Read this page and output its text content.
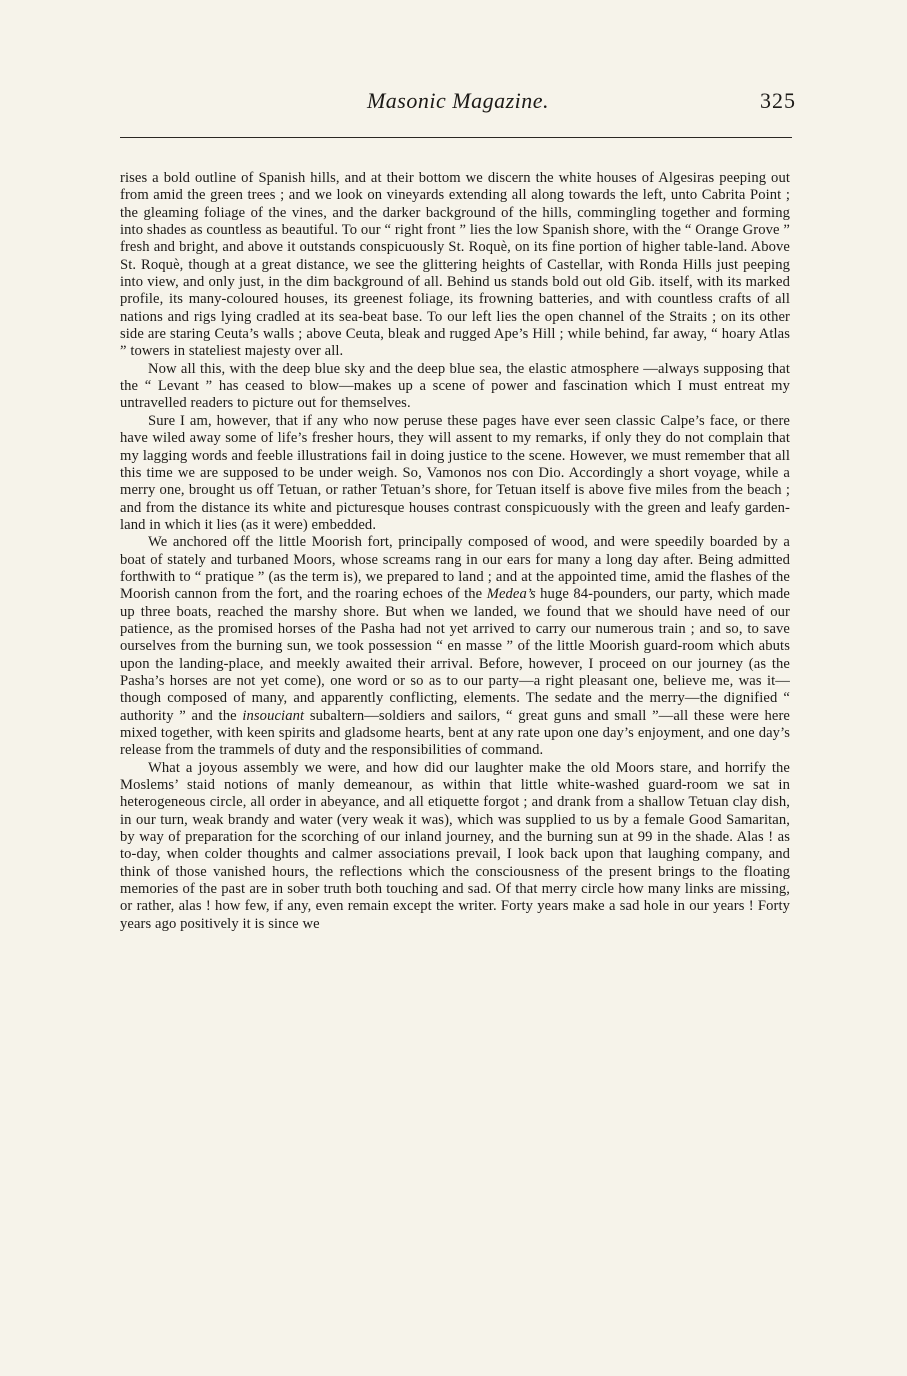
Masonic Magazine.	325

rises a bold outline of Spanish hills, and at their bottom we discern the white houses of Algesiras peeping out from amid the green trees ; and we look on vineyards extending all along towards the left, unto Cabrita Point ; the gleaming foliage of the vines, and the darker background of the hills, commingling together and forming into shades as countless as beautiful. To our “ right front ” lies the low Spanish shore, with the “ Orange Grove ” fresh and bright, and above it outstands conspicuously St. Roquè, on its fine portion of higher table-land. Above St. Roquè, though at a great distance, we see the glittering heights of Castellar, with Ronda Hills just peeping into view, and only just, in the dim background of all. Behind us stands bold out old Gib. itself, with its marked profile, its many-coloured houses, its greenest foliage, its frowning batteries, and with countless crafts of all nations and rigs lying cradled at its sea-beat base. To our left lies the open channel of the Straits ; on its other side are staring Ceuta’s walls ; above Ceuta, bleak and rugged Ape’s Hill ; while behind, far away, “ hoary Atlas ” towers in stateliest majesty over all.

Now all this, with the deep blue sky and the deep blue sea, the elastic atmosphere —always supposing that the “ Levant ” has ceased to blow—makes up a scene of power and fascination which I must entreat my untravelled readers to picture out for themselves.

Sure I am, however, that if any who now peruse these pages have ever seen classic Calpe’s face, or there have wiled away some of life’s fresher hours, they will assent to my remarks, if only they do not complain that my lagging words and feeble illustrations fail in doing justice to the scene. However, we must remember that all this time we are supposed to be under weigh. So, Vamonos nos con Dio. Accordingly a short voyage, while a merry one, brought us off Tetuan, or rather Tetuan’s shore, for Tetuan itself is above five miles from the beach ; and from the distance its white and picturesque houses contrast conspicuously with the green and leafy garden-land in which it lies (as it were) embedded.

We anchored off the little Moorish fort, principally composed of wood, and were speedily boarded by a boat of stately and turbaned Moors, whose screams rang in our ears for many a long day after. Being admitted forthwith to “ pratique ” (as the term is), we prepared to land ; and at the appointed time, amid the flashes of the Moorish cannon from the fort, and the roaring echoes of the Medea’s huge 84-pounders, our party, which made up three boats, reached the marshy shore. But when we landed, we found that we should have need of our patience, as the promised horses of the Pasha had not yet arrived to carry our numerous train ; and so, to save ourselves from the burning sun, we took possession “ en masse ” of the little Moorish guard-room which abuts upon the landing-place, and meekly awaited their arrival. Before, however, I proceed on our journey (as the Pasha’s horses are not yet come), one word or so as to our party—a right pleasant one, believe me, was it—though composed of many, and apparently conflicting, elements. The sedate and the merry—the dignified “ authority ” and the insouciant subaltern—soldiers and sailors, “ great guns and small ”—all these were here mixed together, with keen spirits and gladsome hearts, bent at any rate upon one day’s enjoyment, and one day’s release from the trammels of duty and the responsibilities of command.

What a joyous assembly we were, and how did our laughter make the old Moors stare, and horrify the Moslems’ staid notions of manly demeanour, as within that little white-washed guard-room we sat in heterogeneous circle, all order in abeyance, and all etiquette forgot ; and drank from a shallow Tetuan clay dish, in our turn, weak brandy and water (very weak it was), which was supplied to us by a female Good Samaritan, by way of preparation for the scorching of our inland journey, and the burning sun at 99 in the shade. Alas ! as to-day, when colder thoughts and calmer associations prevail, I look back upon that laughing company, and think of those vanished hours, the reflections which the consciousness of the present brings to the floating memories of the past are in sober truth both touching and sad. Of that merry circle how many links are missing, or rather, alas ! how few, if any, even remain except the writer. Forty years make a sad hole in our years ! Forty years ago positively it is since we
